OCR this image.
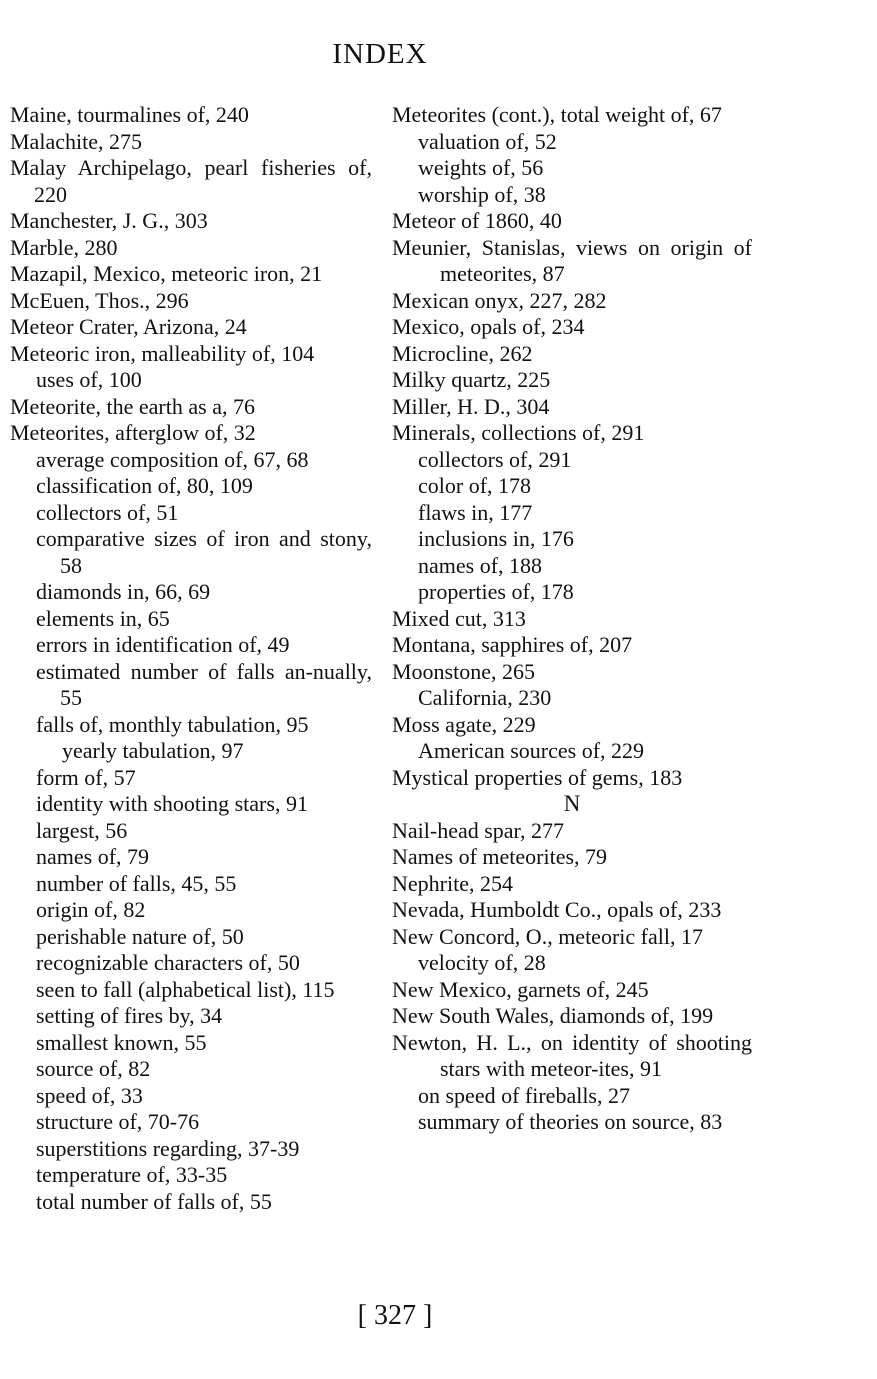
INDEX

Maine, tourmalines of, 240

Malachite, 275

Malay Archipelago, pearl fisheries of, 220

Manchester, J. G., 303

Marble, 280

Mazapil, Mexico, meteoric iron, 21

McEuen, Thos., 296

Meteor Crater, Arizona, 24

Meteoric iron, malleability of, 104

uses of, 100

Meteorite, the earth as a, 76

Meteorites, afterglow of, 32

average composition of, 67, 68

classification of, 80, 109

collectors of, 51

comparative sizes of iron and stony, 58

diamonds in, 66, 69

elements in, 65

errors in identification of, 49

estimated number of falls an-nually, 55

falls of, monthly tabulation, 95

yearly tabulation, 97

form of, 57

identity with shooting stars, 91

largest, 56

names of, 79

number of falls, 45, 55

origin of, 82

perishable nature of, 50

recognizable characters of, 50

seen to fall (alphabetical list), 115

setting of fires by, 34

smallest known, 55

source of, 82

speed of, 33

structure of, 70-76

superstitions regarding, 37-39

temperature of, 33-35

total number of falls of, 55

Meteorites (cont.), total weight of, 67

valuation of, 52

weights of, 56

worship of, 38

Meteor of 1860, 40

Meunier, Stanislas, views on origin of meteorites, 87

Mexican onyx, 227, 282

Mexico, opals of, 234

Microcline, 262

Milky quartz, 225

Miller, H. D., 304

Minerals, collections of, 291

collectors of, 291

color of, 178

flaws in, 177

inclusions in, 176

names of, 188

properties of, 178

Mixed cut, 313

Montana, sapphires of, 207

Moonstone, 265

California, 230

Moss agate, 229

American sources of, 229

Mystical properties of gems, 183

N

Nail-head spar, 277

Names of meteorites, 79

Nephrite, 254

Nevada, Humboldt Co., opals of, 233

New Concord, O., meteoric fall, 17

velocity of, 28

New Mexico, garnets of, 245

New South Wales, diamonds of, 199

Newton, H. L., on identity of shooting stars with meteor-ites, 91

on speed of fireballs, 27

summary of theories on source, 83

[ 327 ]
